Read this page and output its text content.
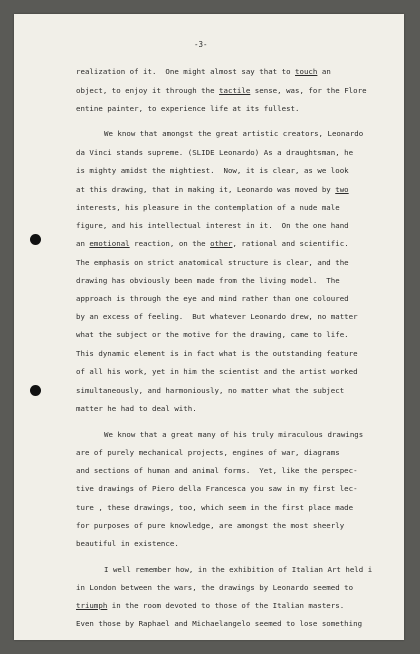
-3-
realization of it.  One might almost say that to touch an
object, to enjoy it through the tactile sense, was, for the Flore
entine painter, to experience life at its fullest.
We know that amongst the great artistic creators, Leonardo
da Vinci stands supreme. (SLIDE Leonardo) As a draughtsman, he
is mighty amidst the mightiest.  Now, it is clear, as we look
at this drawing, that in making it, Leonardo was moved by two
interests, his pleasure in the contemplation of a nude male
figure, and his intellectual interest in it.  On the one hand
an emotional reaction, on the other, rational and scientific.
The emphasis on strict anatomical structure is clear, and the
drawing has obviously been made from the living model.  The
approach is through the eye and mind rather than one coloured
by an excess of feeling.  But whatever Leonardo drew, no matter
what the subject or the motive for the drawing, came to life.
This dynamic element is in fact what is the outstanding feature
of all his work, yet in him the scientist and the artist worked
simultaneously, and harmoniously, no matter what the subject
matter he had to deal with.
We know that a great many of his truly miraculous drawings
are of purely mechanical projects, engines of war, diagrams
and sections of human and animal forms.  Yet, like the perspec-
tive drawings of Piero della Francesca you saw in my first lec-
ture , these drawings, too, which seem in the first place made
for purposes of pure knowledge, are amongst the most sheerly
beautiful in existence.
I well remember how, in the exhibition of Italian Art held i
in London between the wars, the drawings by Leonardo seemed to
triumph in the room devoted to those of the Italian masters.
Even those by Raphael and Michaelangelo seemed to lose something
